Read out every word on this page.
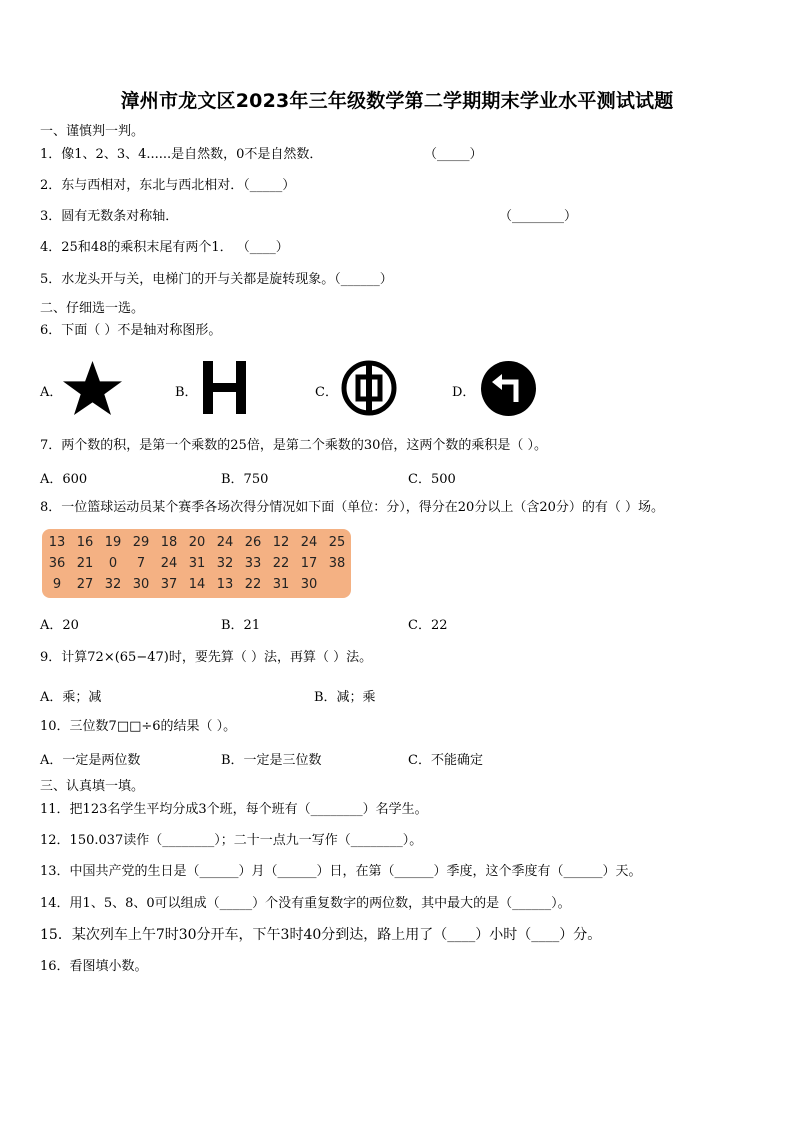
漳州市龙文区2023年三年级数学第二学期期末学业水平测试试题
一、谨慎判一判。
1．像1、2、3、4......是自然数，0不是自然数．	（_____）
2．东与西相对，东北与西北相对．（_____）
3．圆有无数条对称轴．	（________）
4．25和48的乘积末尾有两个1． （____）
5．水龙头开与关，电梯门的开与关都是旋转现象。（______）
二、仔细选一选。
6．下面（ ）不是轴对称图形。
A．	B．	C．	D．
7．两个数的积，是第一个乘数的25倍，是第二个乘数的30倍，这两个数的乘积是（ ）。
A．600	B．750	C．500
8．一位篮球运动员某个赛季各场次得分情况如下面（单位：分），得分在20分以上（含20分）的有（ ）场。
13 16 19 29 18 20 24 26 12 24 25
36 21	0	7	24 31 32 33 22 17 38
9	27 32 30 37 14 13 22 31 30
A．20	B．21	C．22
9．计算72×(65−47)时，要先算（ ）法，再算（ ）法。
A．乘；减	B．减；乘
10．三位数7□□÷6的结果（ ）。
A．一定是两位数	B．一定是三位数	C．不能确定
三、认真填一填。
11．把123名学生平均分成3个班，每个班有（________）名学生。
12．150.037读作（________）；二十一点九一写作（________）。
13．中国共产党的生日是（______）月（______）日，在第（______）季度，这个季度有（______）天。
14．用1、5、8、0可以组成（_____）个没有重复数字的两位数，其中最大的是（______）。
15．某次列车上午7时30分开车，下午3时40分到达，路上用了（____）小时（____）分。
16．看图填小数。
